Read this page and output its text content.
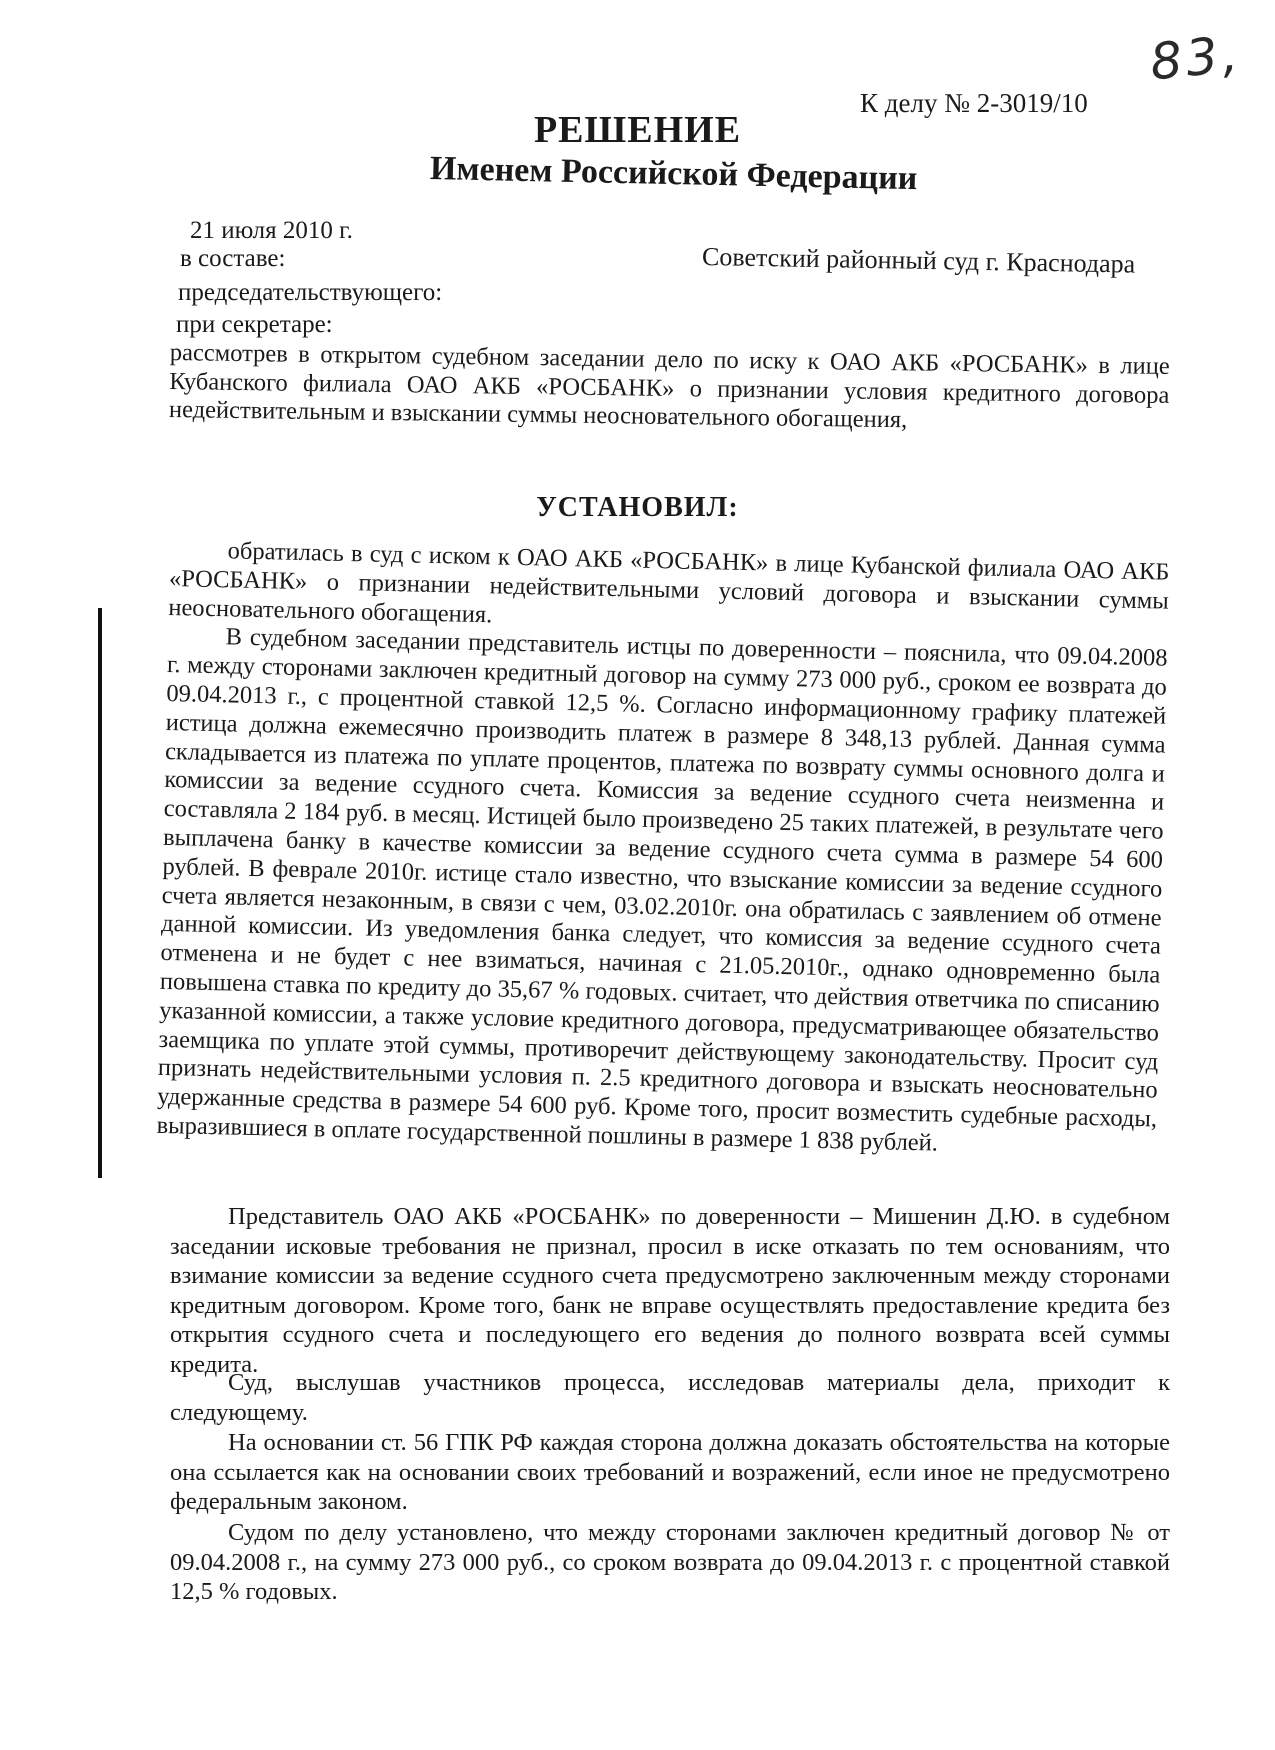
83,
К делу № 2-3019/10
РЕШЕНИЕ
Именем Российской Федерации
21 июля 2010 г.
в составе:	Советский районный суд г. Краснодара
председательствующего:
при секретаре:

рассмотрев в открытом судебном заседании дело по иску к ОАО АКБ «РОСБАНК» в лице Кубанского филиала ОАО АКБ «РОСБАНК» о признании условия кредитного договора недействительным и взыскании суммы неосновательного обогащения,

УСТАНОВИЛ:

обратилась в суд с иском к ОАО АКБ «РОСБАНК» в лице Кубанской филиала ОАО АКБ «РОСБАНК» о признании недействительными условий договора и взыскании суммы неосновательного обогащения.

В судебном заседании представитель истцы по доверенности – пояснила, что 09.04.2008 г. между сторонами заключен кредитный договор на сумму 273 000 руб., сроком ее возврата до 09.04.2013 г., с процентной ставкой 12,5 %. Согласно информационному графику платежей истица должна ежемесячно производить платеж в размере 8 348,13 рублей. Данная сумма складывается из платежа по уплате процентов, платежа по возврату суммы основного долга и комиссии за ведение ссудного счета. Комиссия за ведение ссудного счета неизменна и составляла 2 184 руб. в месяц. Истицей было произведено 25 таких платежей, в результате чего выплачена банку в качестве комиссии за ведение ссудного счета сумма в размере 54 600 рублей. В феврале 2010г. истице стало известно, что взыскание комиссии за ведение ссудного счета является незаконным, в связи с чем, 03.02.2010г. она обратилась с заявлением об отмене данной комиссии. Из уведомления банка следует, что комиссия за ведение ссудного счета отменена и не будет с нее взиматься, начиная с 21.05.2010г., однако одновременно была повышена ставка по кредиту до 35,67 % годовых. считает, что действия ответчика по списанию указанной комиссии, а также условие кредитного договора, предусматривающее обязательство заемщика по уплате этой суммы, противоречит действующему законодательству. Просит суд признать недействительными условия п. 2.5 кредитного договора и взыскать неосновательно удержанные средства в размере 54 600 руб. Кроме того, просит возместить судебные расходы, выразившиеся в оплате государственной пошлины в размере 1 838 рублей.

Представитель ОАО АКБ «РОСБАНК» по доверенности – Мишенин Д.Ю. в судебном заседании исковые требования не признал, просил в иске отказать по тем основаниям, что взимание комиссии за ведение ссудного счета предусмотрено заключенным между сторонами кредитным договором. Кроме того, банк не вправе осуществлять предоставление кредита без открытия ссудного счета и последующего его ведения до полного возврата всей суммы кредита.

Суд, выслушав участников процесса, исследовав материалы дела, приходит к следующему.

На основании ст. 56 ГПК РФ каждая сторона должна доказать обстоятельства на которые она ссылается как на основании своих требований и возражений, если иное не предусмотрено федеральным законом.

Судом по делу установлено, что между сторонами заключен кредитный договор № от 09.04.2008 г., на сумму 273 000 руб., со сроком возврата до 09.04.2013 г. с процентной ставкой 12,5 % годовых.
